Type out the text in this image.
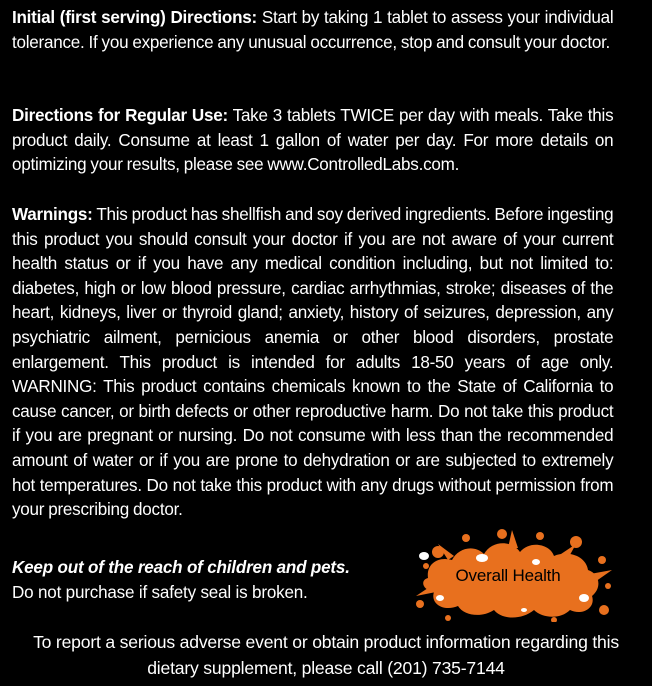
Initial (first serving) Directions: Start by taking 1 tablet to assess your individual tolerance. If you experience any unusual occurrence, stop and consult your doctor.
Directions for Regular Use: Take 3 tablets TWICE per day with meals. Take this product daily. Consume at least 1 gallon of water per day. For more details on optimizing your results, please see www.ControlledLabs.com.
Warnings: This product has shellfish and soy derived ingredients. Before ingesting this product you should consult your doctor if you are not aware of your current health status or if you have any medical condition including, but not limited to: diabetes, high or low blood pressure, cardiac arrhythmias, stroke; diseases of the heart, kidneys, liver or thyroid gland; anxiety, history of seizures, depression, any psychiatric ailment, pernicious anemia or other blood disorders, prostate enlargement. This product is intended for adults 18-50 years of age only. WARNING: This product contains chemicals known to the State of California to cause cancer, or birth defects or other reproductive harm. Do not take this product if you are pregnant or nursing. Do not consume with less than the recommended amount of water or if you are prone to dehydration or are subjected to extremely hot temperatures. Do not take this product with any drugs without permission from your prescribing doctor.
Keep out of the reach of children and pets.
Do not purchase if safety seal is broken.
Overall Health
To report a serious adverse event or obtain product information regarding this
dietary supplement, please call (201) 735-7144
